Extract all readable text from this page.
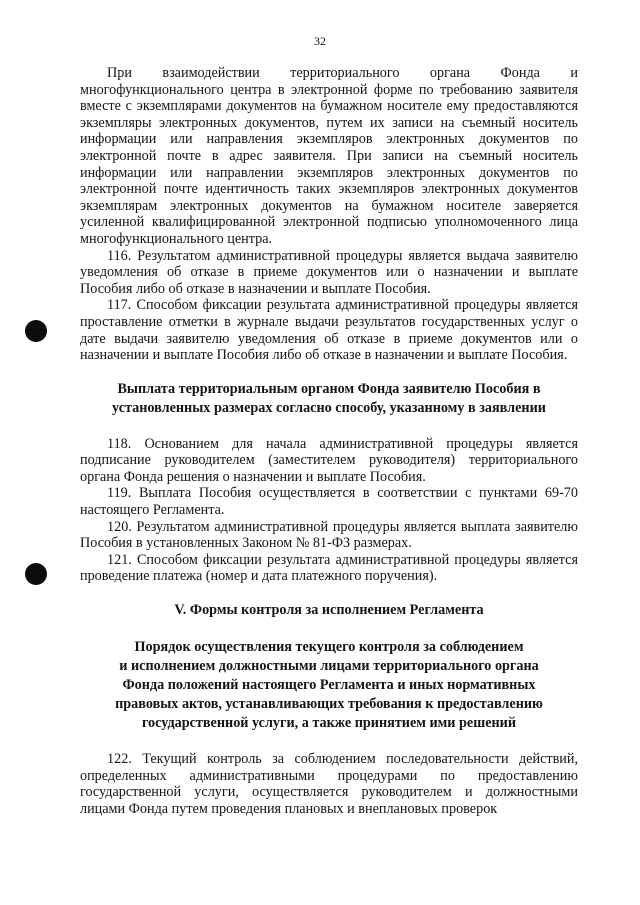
32

При взаимодействии территориального органа Фонда и многофункционального центра в электронной форме по требованию заявителя вместе с экземплярами документов на бумажном носителе ему предоставляются экземпляры электронных документов, путем их записи на съемный носитель информации или направления экземпляров электронных документов по электронной почте в адрес заявителя. При записи на съемный носитель информации или направлении экземпляров электронных документов по электронной почте идентичность таких экземпляров электронных документов экземплярам электронных документов на бумажном носителе заверяется усиленной квалифицированной электронной подписью уполномоченного лица многофункционального центра.

116. Результатом административной процедуры является выдача заявителю уведомления об отказе в приеме документов или о назначении и выплате Пособия либо об отказе в назначении и выплате Пособия.

117. Способом фиксации результата административной процедуры является проставление отметки в журнале выдачи результатов государственных услуг о дате выдачи заявителю уведомления об отказе в приеме документов или о назначении и выплате Пособия либо об отказе в назначении и выплате Пособия.

Выплата территориальным органом Фонда заявителю Пособия в
установленных размерах согласно способу, указанному в заявлении

118. Основанием для начала административной процедуры является подписание руководителем (заместителем руководителя) территориального органа Фонда решения о назначении и выплате Пособия.

119. Выплата Пособия осуществляется в соответствии с пунктами 69-70 настоящего Регламента.

120. Результатом административной процедуры является выплата заявителю Пособия в установленных Законом № 81-ФЗ размерах.

121. Способом фиксации результата административной процедуры является проведение платежа (номер и дата платежного поручения).

V. Формы контроля за исполнением Регламента
Порядок осуществления текущего контроля за соблюдением
и исполнением должностными лицами территориального органа
Фонда положений настоящего Регламента и иных нормативных
правовых актов, устанавливающих требования к предоставлению
государственной услуги, а также принятием ими решений

122. Текущий контроль за соблюдением последовательности действий, определенных административными процедурами по предоставлению государственной услуги, осуществляется руководителем и должностными лицами Фонда путем проведения плановых и внеплановых проверок
